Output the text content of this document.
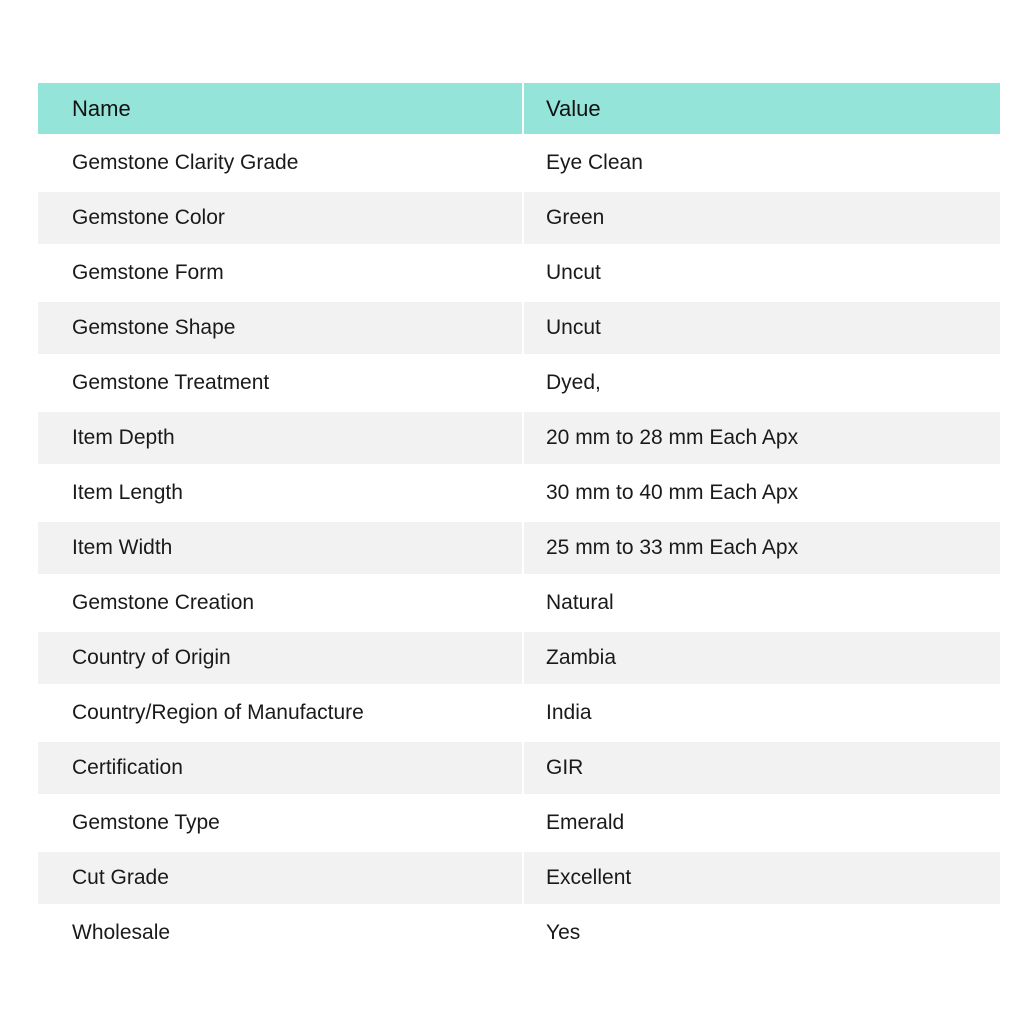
Name	Value
Gemstone Clarity Grade	Eye Clean
Gemstone Color	Green
Gemstone Form	Uncut
Gemstone Shape	Uncut
Gemstone Treatment	Dyed,
Item Depth	20 mm to 28 mm Each Apx
Item Length	30 mm to 40 mm Each Apx
Item Width	25 mm to 33 mm Each Apx
Gemstone Creation	Natural
Country of Origin	Zambia
Country/Region of Manufacture	India
Certification	GIR
Gemstone Type	Emerald
Cut Grade	Excellent
Wholesale	Yes
